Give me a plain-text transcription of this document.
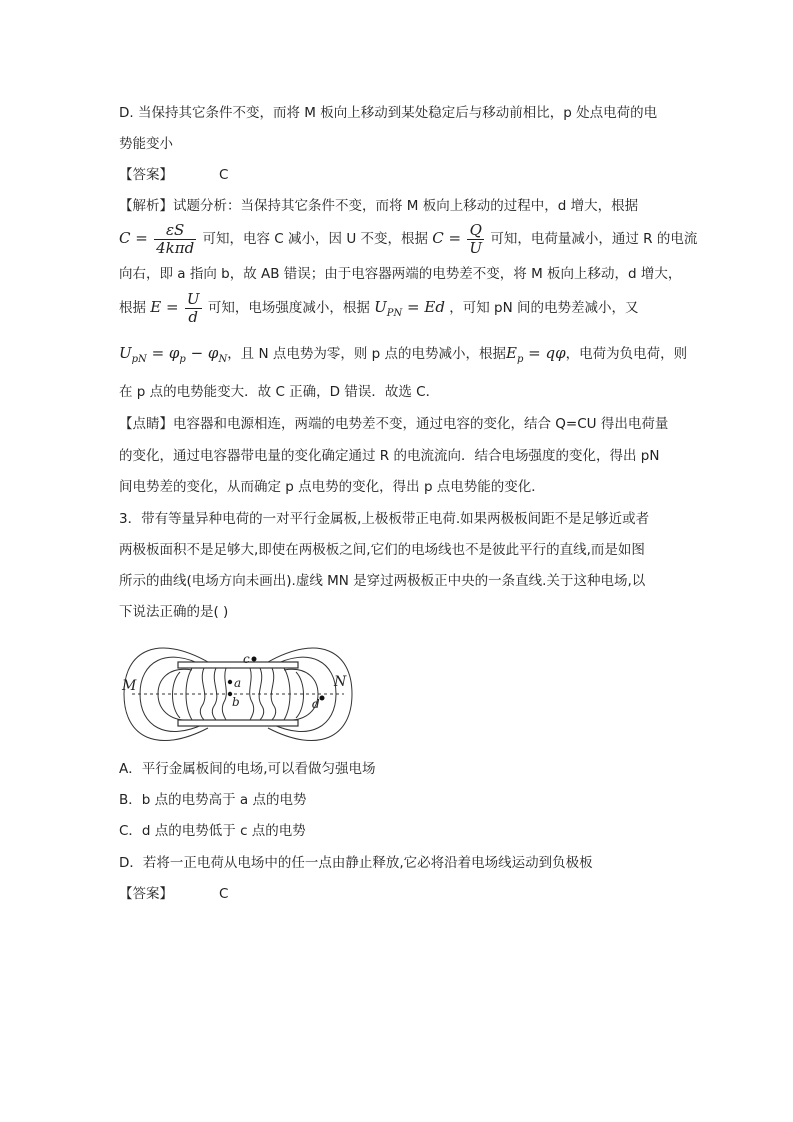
D. 当保持其它条件不变，而将 M 板向上移动到某处稳定后与移动前相比，p 处点电荷的电
势能变小
【答案】	C
【解析】试题分析：当保持其它条件不变，而将 M 板向上移动的过程中，d 增大，根据
$C = \frac{\varepsilon S}{\text{4kπd}}$ 可知，电容 C 减小，因 U 不变，根据 $C = \frac{Q}{U}$ 可知，电荷量减小，通过 R 的电流
向右，即 a 指向 b，故 AB 错误；由于电容器两端的电势差不变，将 M 板向上移动，d 增大，
根据 $E = \frac{U}{d}$ 可知，电场强度减小，根据 $U_{PN} = Ed$ ，可知 pN 间的电势差减小，又
$U_{pN} = \varphi_p - \varphi_N$，且 N 点电势为零，则 p 点的电势减小，根据$E_p = q\varphi$，电荷为负电荷，则
在 p 点的电势能变大．故 C 正确，D 错误．故选 C．
【点睛】电容器和电源相连，两端的电势差不变，通过电容的变化，结合 Q=CU 得出电荷量
的变化，通过电容器带电量的变化确定通过 R 的电流流向．结合电场强度的变化，得出 pN
间电势差的变化，从而确定 p 点电势的变化，得出 p 点电势能的变化．
3．带有等量异种电荷的一对平行金属板,上极板带正电荷.如果两极板间距不是足够近或者
两极板面积不是足够大,即使在两极板之间,它们的电场线也不是彼此平行的直线,而是如图
所示的曲线(电场方向未画出).虚线 MN 是穿过两极板正中央的一条直线.关于这种电场,以
下说法正确的是( )
M	N
a
b
c
d
A．平行金属板间的电场,可以看做匀强电场
B．b 点的电势高于 a 点的电势
C．d 点的电势低于 c 点的电势
D．若将一正电荷从电场中的任一点由静止释放,它必将沿着电场线运动到负极板
【答案】	C
